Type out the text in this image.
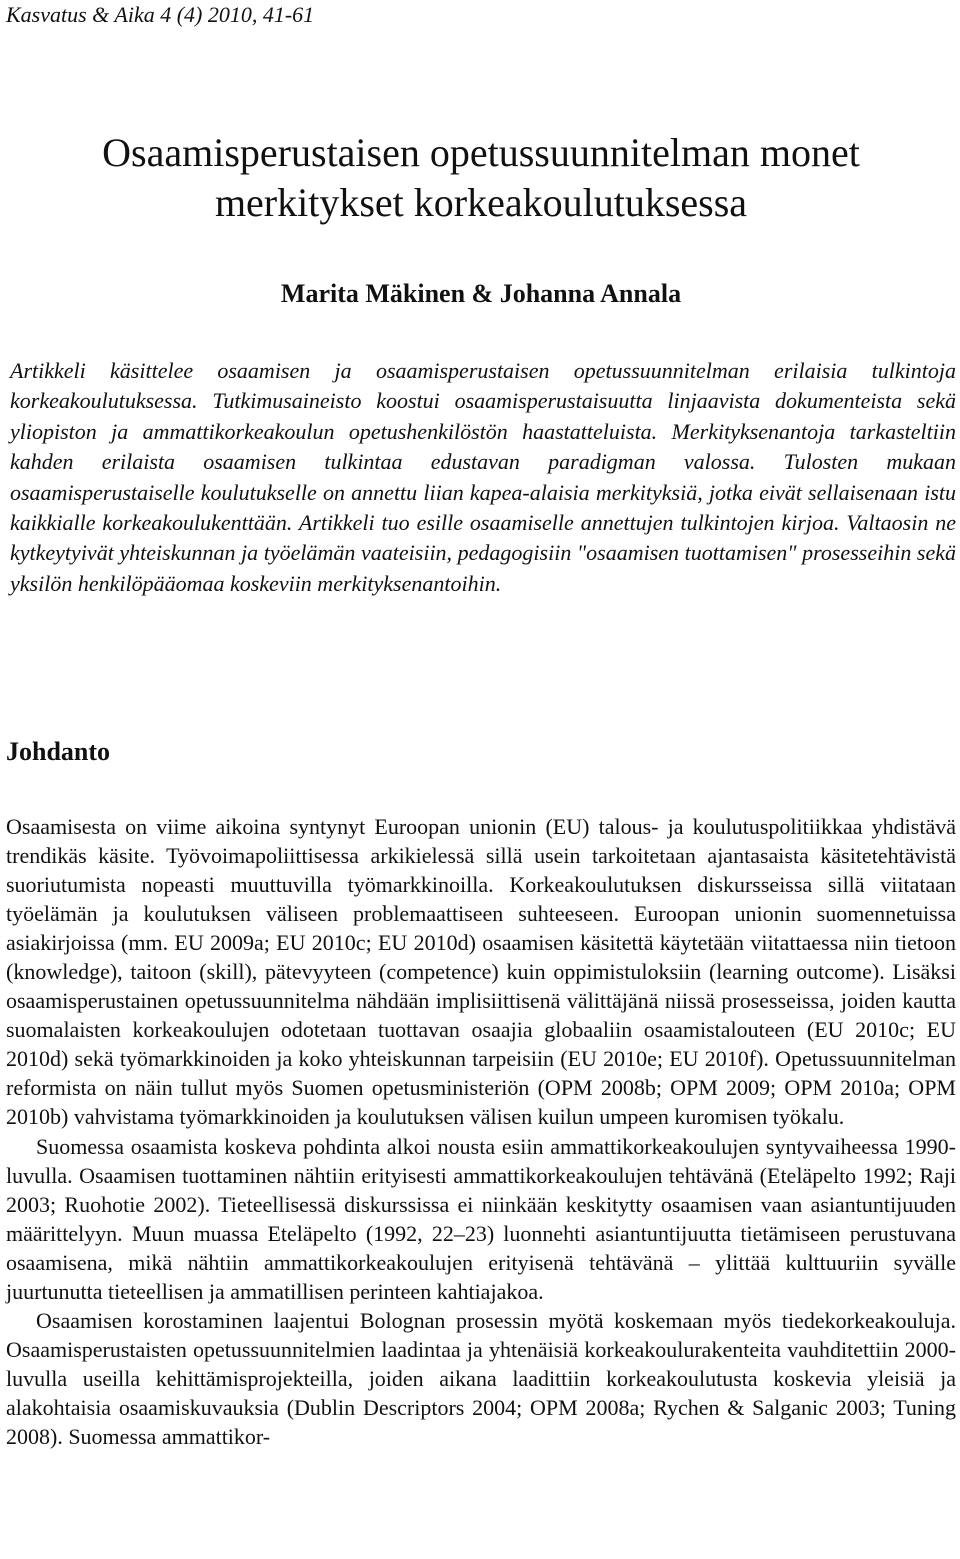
Kasvatus & Aika 4 (4) 2010, 41-61
Osaamisperustaisen opetussuunnitelman monet
merkitykset korkeakoulutuksessa
Marita Mäkinen & Johanna Annala

Artikkeli käsittelee osaamisen ja osaamisperustaisen opetussuunnitelman erilaisia tulkintoja korkeakoulutuksessa. Tutkimusaineisto koostui osaamisperustaisuutta linjaavista dokumenteista sekä yliopiston ja ammattikorkeakoulun opetushenkilöstön haastatteluista. Merkityksenantoja tarkasteltiin kahden erilaista osaamisen tulkintaa edustavan paradigman valossa. Tulosten mukaan osaamisperustaiselle koulutukselle on annettu liian kapea-alaisia merkityksiä, jotka eivät sellaisenaan istu kaikkialle korkeakoulukenttään. Artikkeli tuo esille osaamiselle annettujen tulkintojen kirjoa. Valtaosin ne kytkeytyivät yhteiskunnan ja työelämän vaateisiin, pedagogisiin "osaamisen tuottamisen" prosesseihin sekä yksilön henkilöpääomaa koskeviin merkityksenantoihin.

Johdanto

Osaamisesta on viime aikoina syntynyt Euroopan unionin (EU) talous- ja koulutuspolitiikkaa yhdistävä trendikäs käsite. Työvoimapoliittisessa arkikielessä sillä usein tarkoitetaan ajantasaista käsitetehtävistä suoriutumista nopeasti muuttuvilla työmarkkinoilla. Korkeakoulutuksen diskursseissa sillä viitataan työelämän ja koulutuksen väliseen problemaattiseen suhteeseen. Euroopan unionin suomennetuissa asiakirjoissa (mm. EU 2009a; EU 2010c; EU 2010d) osaamisen käsitettä käytetään viitattaessa niin tietoon (knowledge), taitoon (skill), pätevyyteen (competence) kuin oppimistuloksiin (learning outcome). Lisäksi osaamisperustainen opetussuunnitelma nähdään implisiittisenä välittäjänä niissä prosesseissa, joiden kautta suomalaisten korkeakoulujen odotetaan tuottavan osaajia globaaliin osaamistalouteen (EU 2010c; EU 2010d) sekä työmarkkinoiden ja koko yhteiskunnan tarpeisiin (EU 2010e; EU 2010f). Opetussuunnitelman reformista on näin tullut myös Suomen opetusministeriön (OPM 2008b; OPM 2009; OPM 2010a; OPM 2010b) vahvistama työmarkkinoiden ja koulutuksen välisen kuilun umpeen kuromisen työkalu.

Suomessa osaamista koskeva pohdinta alkoi nousta esiin ammattikorkeakoulujen syntyvaiheessa 1990-luvulla. Osaamisen tuottaminen nähtiin erityisesti ammattikorkeakoulujen tehtävänä (Eteläpelto 1992; Raji 2003; Ruohotie 2002). Tieteellisessä diskurssissa ei niinkään keskitytty osaamisen vaan asiantuntijuuden määrittelyyn. Muun muassa Eteläpelto (1992, 22–23) luonnehti asiantuntijuutta tietämiseen perustuvana osaamisena, mikä nähtiin ammattikorkeakoulujen erityisenä tehtävänä – ylittää kulttuuriin syvälle juurtunutta tieteellisen ja ammatillisen perinteen kahtiajakoa.

Osaamisen korostaminen laajentui Bolognan prosessin myötä koskemaan myös tiedekorkeakouluja. Osaamisperustaisten opetussuunnitelmien laadintaa ja yhtenäisiä korkeakoulurakenteita vauhditettiin 2000-luvulla useilla kehittämisprojekteilla, joiden aikana laadittiin korkeakoulutusta koskevia yleisiä ja alakohtaisia osaamiskuvauksia (Dublin Descriptors 2004; OPM 2008a; Rychen & Salganic 2003; Tuning 2008). Suomessa ammattikor-
